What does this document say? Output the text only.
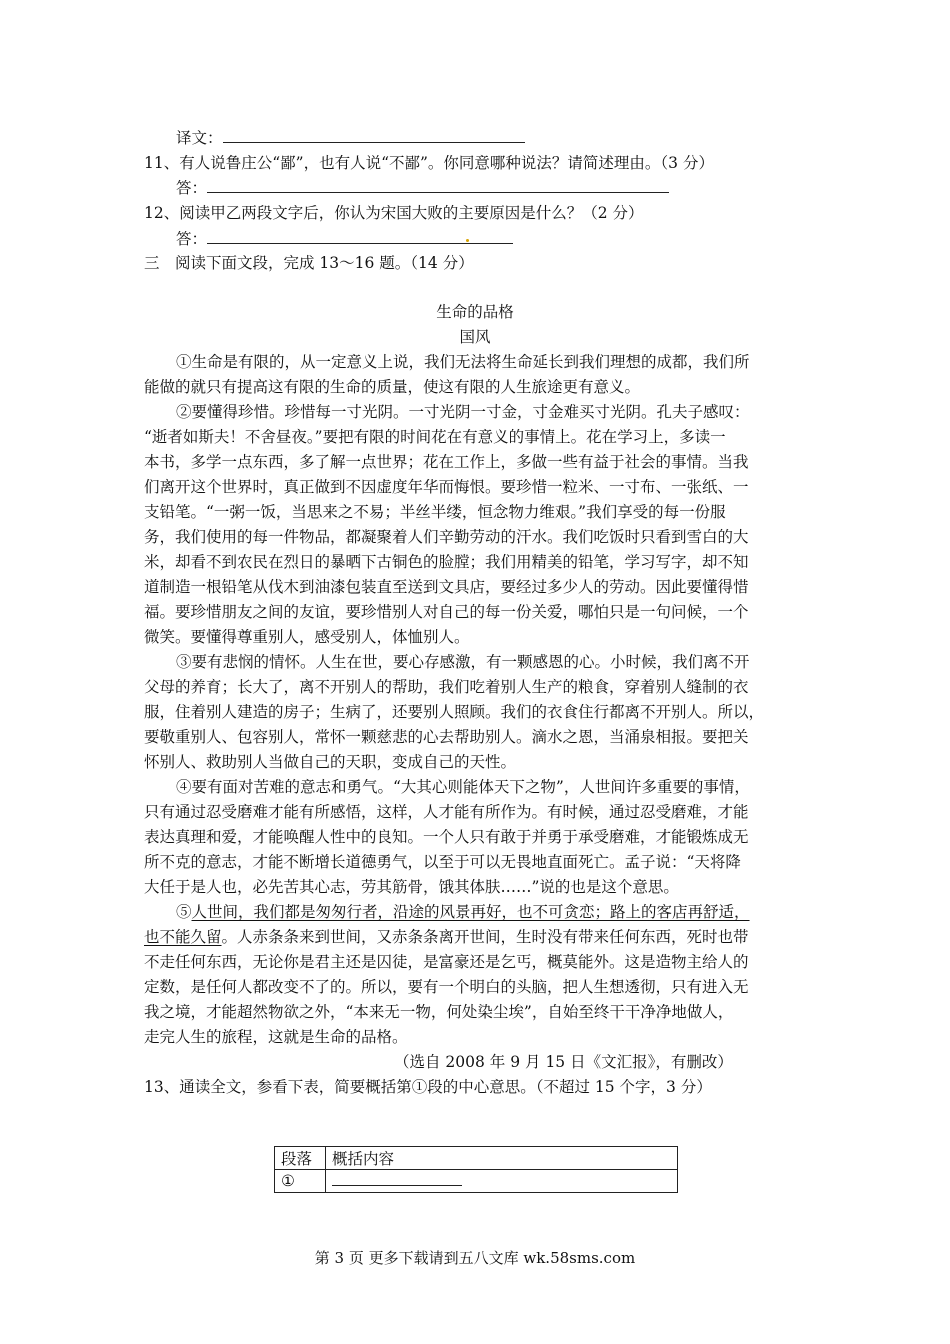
译文：
11、有人说鲁庄公“鄙”，也有人说“不鄙”。你同意哪种说法？请简述理由。（3 分）
答：
12、阅读甲乙两段文字后，你认为宋国大败的主要原因是什么？（2 分）
答：
三　阅读下面文段，完成 13～16 题。（14 分）
生命的品格
国风
①生命是有限的，从一定意义上说，我们无法将生命延长到我们理想的成都，我们所
能做的就只有提高这有限的生命的质量，使这有限的人生旅途更有意义。
②要懂得珍惜。珍惜每一寸光阴。一寸光阴一寸金，寸金难买寸光阴。孔夫子感叹：
“逝者如斯夫！不舍昼夜。”要把有限的时间花在有意义的事情上。花在学习上，多读一
本书，多学一点东西，多了解一点世界；花在工作上，多做一些有益于社会的事情。当我
们离开这个世界时，真正做到不因虚度年华而悔恨。要珍惜一粒米、一寸布、一张纸、一
支铅笔。“一粥一饭，当思来之不易；半丝半缕，恒念物力维艰。”我们享受的每一份服
务，我们使用的每一件物品，都凝聚着人们辛勤劳动的汗水。我们吃饭时只看到雪白的大
米，却看不到农民在烈日的暴晒下古铜色的脸膛；我们用精美的铅笔，学习写字，却不知
道制造一根铅笔从伐木到油漆包装直至送到文具店，要经过多少人的劳动。因此要懂得惜
福。要珍惜朋友之间的友谊，要珍惜别人对自己的每一份关爱，哪怕只是一句问候，一个
微笑。要懂得尊重别人，感受别人，体恤别人。
③要有悲悯的情怀。人生在世，要心存感激，有一颗感恩的心。小时候，我们离不开
父母的养育；长大了，离不开别人的帮助，我们吃着别人生产的粮食，穿着别人缝制的衣
服，住着别人建造的房子；生病了，还要别人照顾。我们的衣食住行都离不开别人。所以，
要敬重别人、包容别人，常怀一颗慈悲的心去帮助别人。滴水之恩，当涌泉相报。要把关
怀别人、救助别人当做自己的天职，变成自己的天性。
④要有面对苦难的意志和勇气。“大其心则能体天下之物”，人世间许多重要的事情，
只有通过忍受磨难才能有所感悟，这样，人才能有所作为。有时候，通过忍受磨难，才能
表达真理和爱，才能唤醒人性中的良知。一个人只有敢于并勇于承受磨难，才能锻炼成无
所不克的意志，才能不断增长道德勇气，以至于可以无畏地直面死亡。孟子说：“天将降
大任于是人也，必先苦其心志，劳其筋骨，饿其体肤……”说的也是这个意思。
⑤人世间，我们都是匆匆行者，沿途的风景再好，也不可贪恋；路上的客店再舒适，
也不能久留。人赤条条来到世间，又赤条条离开世间，生时没有带来任何东西，死时也带
不走任何东西，无论你是君主还是囚徒，是富豪还是乞丐，概莫能外。这是造物主给人的
定数，是任何人都改变不了的。所以，要有一个明白的头脑，把人生想透彻，只有进入无
我之境，才能超然物欲之外，“本来无一物，何处染尘埃”，自始至终干干净净地做人，
走完人生的旅程，这就是生命的品格。
（选自 2008 年 9 月 15 日《文汇报》，有删改）
13、通读全文，参看下表，简要概括第①段的中心意思。（不超过 15 个字，3 分）
段落	概括内容
①	
第 3 页 更多下载请到五八文库 wk.58sms.com
